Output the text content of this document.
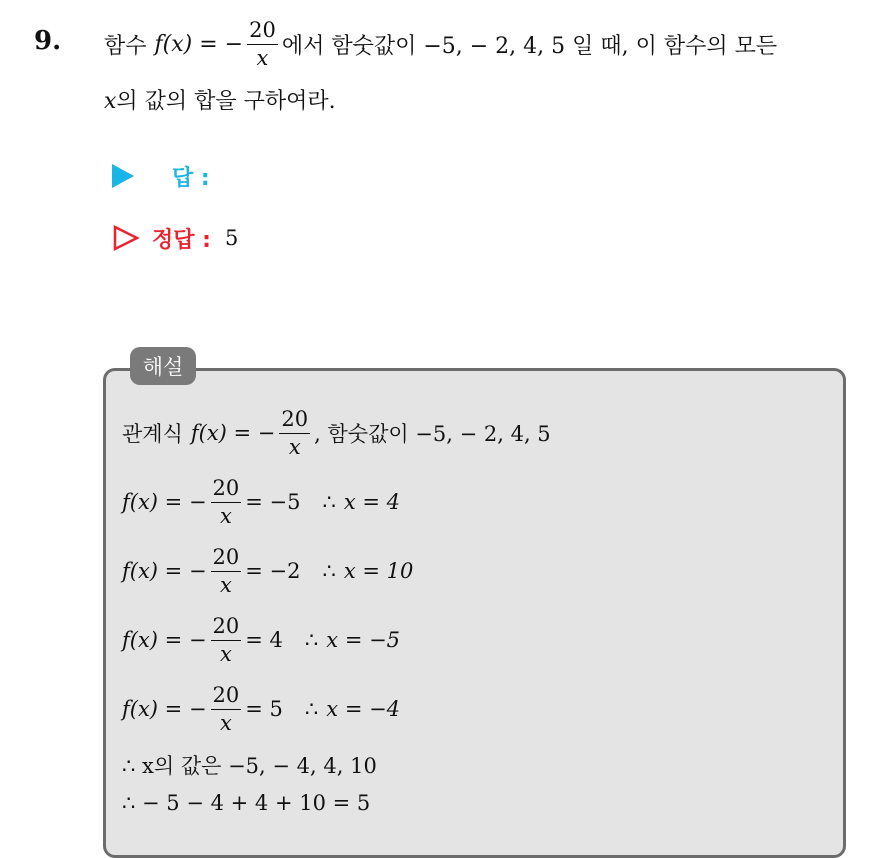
9. 함수 f(x) = − $\frac{20}{x}$ 에서 함숫값이 −5, − 2, 4, 5 일 때, 이 함수의 모든
x의 값의 합을 구하여라.
답 :
정답 : 5
해설
관계식 f(x) = − $\frac{20}{x}$ , 함숫값이 −5, − 2, 4, 5
f(x) = − $\frac{20}{x} = -5$ ∴ x = 4
f(x) = − $\frac{20}{x} = -2$ ∴ x = 10
f(x) = − $\frac{20}{x} = 4$ ∴ x = −5
f(x) = − $\frac{20}{x} = 5$ ∴ x = −4
∴ x의 값은 −5, − 4, 4, 10
∴ − 5 − 4 + 4 + 10 = 5
